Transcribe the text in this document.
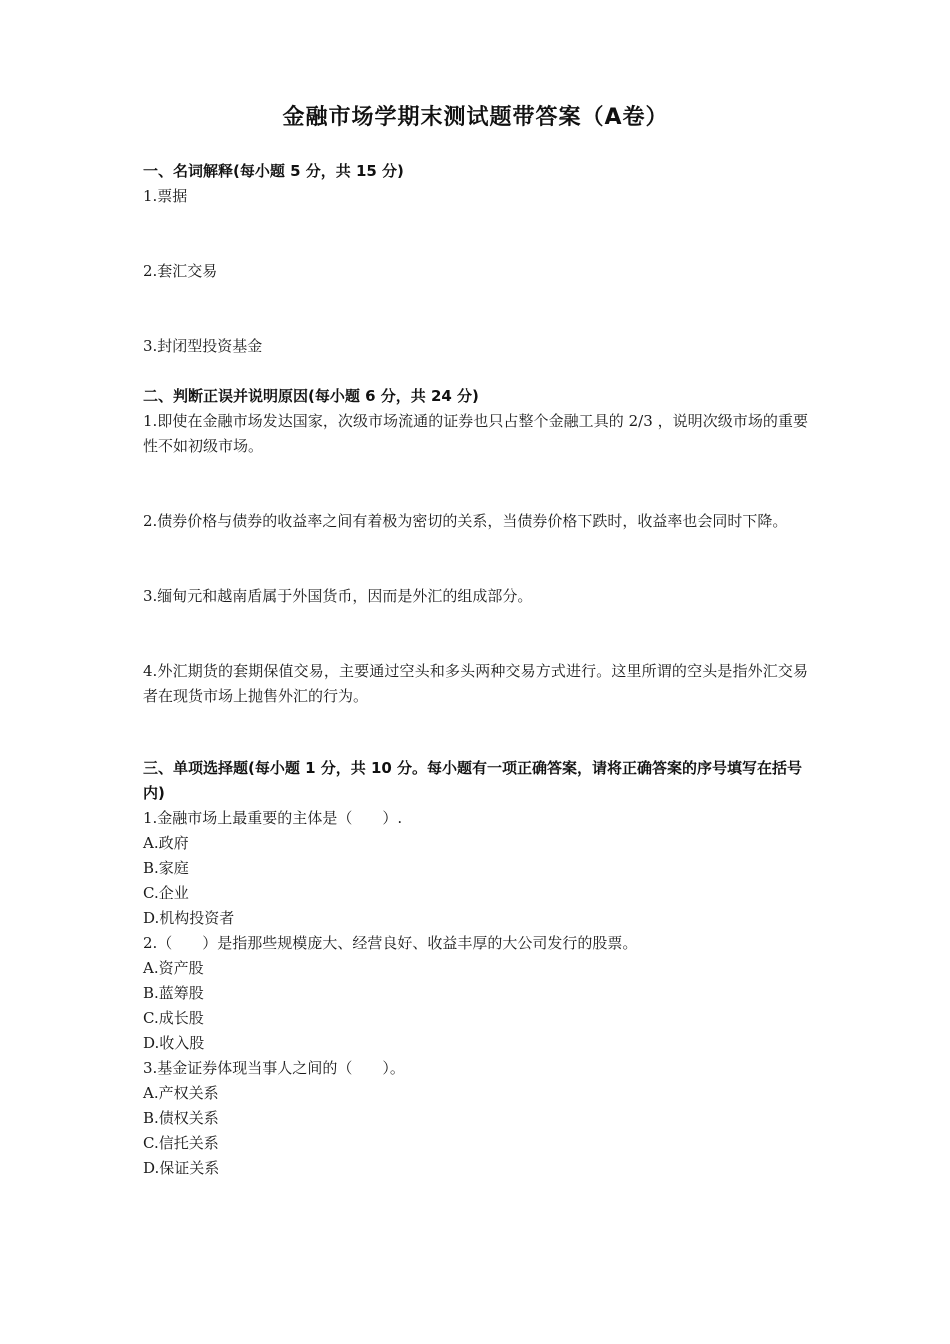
金融市场学期末测试题带答案（A卷）

一、名词解释(每小题 5 分，共 15 分)

1.票据

2.套汇交易

3.封闭型投资基金

二、判断正误并说明原因(每小题 6 分，共 24 分)

1.即使在金融市场发达国家，次级市场流通的证券也只占整个金融工具的 2/3 ，说明次级市场的重要性不如初级市场。

2.债券价格与债券的收益率之间有着极为密切的关系，当债券价格下跌时，收益率也会同时下降。

3.缅甸元和越南盾属于外国货币，因而是外汇的组成部分。

4.外汇期货的套期保值交易，主要通过空头和多头两种交易方式进行。这里所谓的空头是指外汇交易者在现货市场上抛售外汇的行为。

三、单项选择题(每小题 1 分，共 10 分。每小题有一项正确答案，请将正确答案的序号填写在括号内)

1.金融市场上最重要的主体是（　　）.

A.政府

B.家庭

C.企业

D.机构投资者

2.（　　）是指那些规模庞大、经营良好、收益丰厚的大公司发行的股票。

A.资产股

B.蓝筹股

C.成长股

D.收入股

3.基金证券体现当事人之间的（　　）。

A.产权关系

B.债权关系

C.信托关系

D.保证关系
